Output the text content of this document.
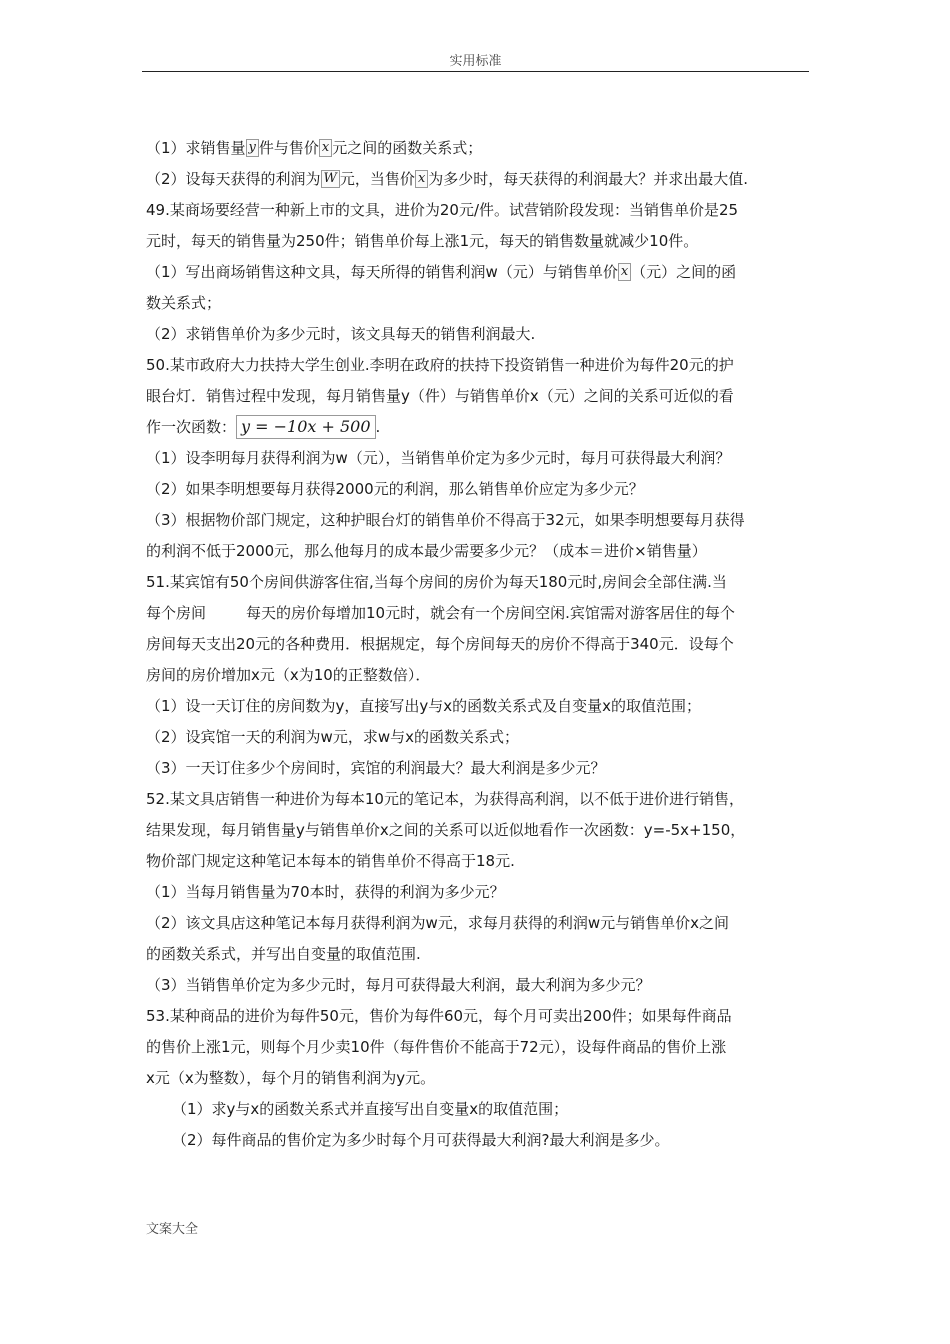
实用标准
（1）求销售量 y 件与售价 x 元之间的函数关系式；
（2）设每天获得的利润为 W 元，当售价 x 为多少时，每天获得的利润最大？并求出最大值.
49.某商场要经营一种新上市的文具，进价为20元/件。试营销阶段发现：当销售单价是25
元时，每天的销售量为250件；销售单价每上涨1元，每天的销售数量就减少10件。
（1）写出商场销售这种文具，每天所得的销售利润w（元）与销售单价 x （元）之间的函
数关系式；
（2）求销售单价为多少元时，该文具每天的销售利润最大.
50.某市政府大力扶持大学生创业.李明在政府的扶持下投资销售一种进价为每件20元的护
眼台灯．销售过程中发现，每月销售量y（件）与销售单价x（元）之间的关系可近似的看
作一次函数： y = −10x + 500 .
（1）设李明每月获得利润为w（元），当销售单价定为多少元时，每月可获得最大利润？
（2）如果李明想要每月获得2000元的利润，那么销售单价应定为多少元？
（3）根据物价部门规定，这种护眼台灯的销售单价不得高于32元，如果李明想要每月获得
的利润不低于2000元，那么他每月的成本最少需要多少元？（成本＝进价×销售量）
51.某宾馆有50个房间供游客住宿,当每个房间的房价为每天180元时,房间会全部住满.当
每个房间	每天的房价每增加10元时，就会有一个房间空闲.宾馆需对游客居住的每个
房间每天支出20元的各种费用．根据规定，每个房间每天的房价不得高于340元．设每个
房间的房价增加x元（x为10的正整数倍）．
（1）设一天订住的房间数为y，直接写出y与x的函数关系式及自变量x的取值范围；
（2）设宾馆一天的利润为w元，求w与x的函数关系式；
（3）一天订住多少个房间时，宾馆的利润最大？最大利润是多少元？
52.某文具店销售一种进价为每本10元的笔记本，为获得高利润，以不低于进价进行销售，
结果发现，每月销售量y与销售单价x之间的关系可以近似地看作一次函数：y=-5x+150，
物价部门规定这种笔记本每本的销售单价不得高于18元.
（1）当每月销售量为70本时，获得的利润为多少元？
（2）该文具店这种笔记本每月获得利润为w元，求每月获得的利润w元与销售单价x之间
的函数关系式，并写出自变量的取值范围.
（3）当销售单价定为多少元时，每月可获得最大利润，最大利润为多少元？
53.某种商品的进价为每件50元，售价为每件60元，每个月可卖出200件；如果每件商品
的售价上涨1元，则每个月少卖10件（每件售价不能高于72元），设每件商品的售价上涨
x元（x为整数），每个月的销售利润为y元。
（1）求y与x的函数关系式并直接写出自变量x的取值范围；
（2）每件商品的售价定为多少时每个月可获得最大利润?最大利润是多少。
文案大全
